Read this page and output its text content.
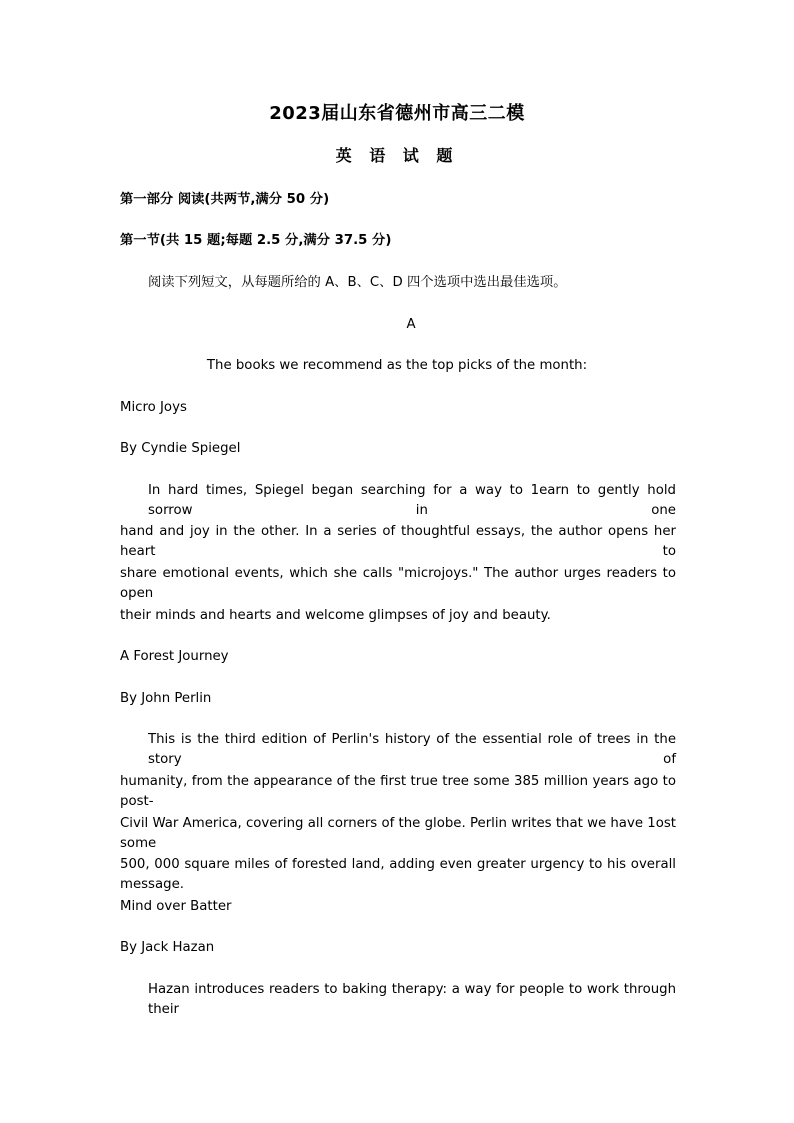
2023届山东省德州市高三二模
英 语 试 题
第一部分 阅读(共两节,满分 50 分)
第一节(共 15 题;每题 2.5 分,满分 37.5 分)
阅读下列短文，从每题所给的 A、B、C、D 四个选项中选出最佳选项。
A
The books we recommend as the top picks of the month:
Micro Joys
By Cyndie Spiegel
In hard times, Spiegel began searching for a way to 1earn to gently hold sorrow in one
hand and joy in the other. In a series of thoughtful essays, the author opens her heart to
share emotional events, which she calls "microjoys." The author urges readers to open
their minds and hearts and welcome glimpses of joy and beauty.
A Forest Journey
By John Perlin
This is the third edition of Perlin's history of the essential role of trees in the story of
humanity, from the appearance of the first true tree some 385 million years ago to post-
Civil War America, covering all corners of the globe. Perlin writes that we have 1ost some
500, 000 square miles of forested land, adding even greater urgency to his overall message.
Mind over Batter
By Jack Hazan
Hazan introduces readers to baking therapy: a way for people to work through their
